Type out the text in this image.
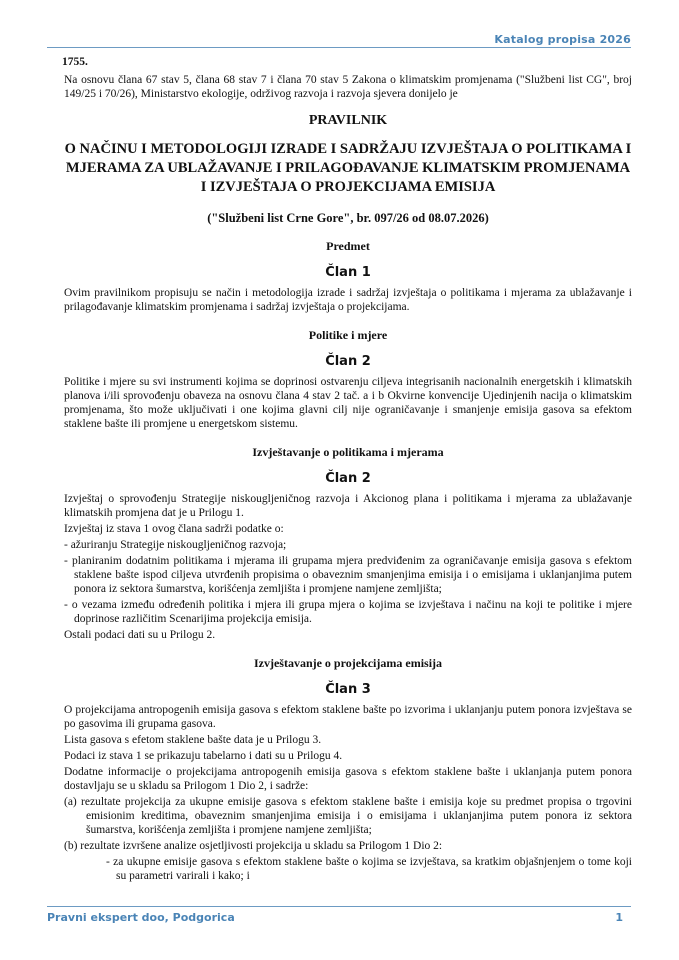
Katalog propisa 2026
1755.

Na osnovu člana 67 stav 5, člana 68 stav 7 i člana 70 stav 5 Zakona o klimatskim promjenama ("Službeni list CG", broj 149/25 i 70/26), Ministarstvo ekologije, održivog razvoja i razvoja sjevera donijelo je

PRAVILNIK
O NAČINU I METODOLOGIJI IZRADE I SADRŽAJU IZVJEŠTAJA O POLITIKAMA I MJERAMA ZA UBLAŽAVANJE I PRILAGOĐAVANJE KLIMATSKIM PROMJENAMA I IZVJEŠTAJA O PROJEKCIJAMA EMISIJA
("Službeni list Crne Gore", br. 097/26 od 08.07.2026)
Predmet
Član 1

Ovim pravilnikom propisuju se način i metodologija izrade i sadržaj izvještaja o politikama i mjerama za ublažavanje i prilagođavanje klimatskim promjenama i sadržaj izvještaja o projekcijama.

Politike i mjere
Član 2

Politike i mjere su svi instrumenti kojima se doprinosi ostvarenju ciljeva integrisanih nacionalnih energetskih i klimatskih planova i/ili sprovođenju obaveza na osnovu člana 4 stav 2 tač. a i b Okvirne konvencije Ujedinjenih nacija o klimatskim promjenama, što može uključivati i one kojima glavni cilj nije ograničavanje i smanjenje emisija gasova sa efektom staklene bašte ili promjene u energetskom sistemu.

Izvještavanje o politikama i mjerama
Član 2

Izvještaj o sprovođenju Strategije niskougljeničnog razvoja i Akcionog plana i politikama i mjerama za ublažavanje klimatskih promjena dat je u Prilogu 1.

Izvještaj iz stava 1 ovog člana sadrži podatke o:

- ažuriranju Strategije niskougljeničnog razvoja;

- planiranim dodatnim politikama i mjerama ili grupama mjera predviđenim za ograničavanje emisija gasova s efektom staklene bašte ispod ciljeva utvrđenih propisima o obaveznim smanjenjima emisija i o emisijama i uklanjanjima putem ponora iz sektora šumarstva, korišćenja zemljišta i promjene namjene zemljišta;

- o vezama između određenih politika i mjera ili grupa mjera o kojima se izvještava i načinu na koji te politike i mjere doprinose različitim Scenarijima projekcija emisija.

Ostali podaci dati su u Prilogu 2.

Izvještavanje o projekcijama emisija
Član 3

O projekcijama antropogenih emisija gasova s efektom staklene bašte po izvorima i uklanjanju putem ponora izvještava se po gasovima ili grupama gasova.

Lista gasova s efetom staklene bašte data je u Prilogu 3.

Podaci iz stava 1 se prikazuju tabelarno i dati su u Prilogu 4.

Dodatne informacije o projekcijama antropogenih emisija gasova s efektom staklene bašte i uklanjanja putem ponora dostavljaju se u skladu sa Prilogom 1 Dio 2, i sadrže:

(a) rezultate projekcija za ukupne emisije gasova s efektom staklene bašte i emisija koje su predmet propisa o trgovini emisionim kreditima, obaveznim smanjenjima emisija i o emisijama i uklanjanjima putem ponora iz sektora šumarstva, korišćenja zemljišta i promjene namjene zemljišta;

(b) rezultate izvršene analize osjetljivosti projekcija u skladu sa Prilogom 1 Dio 2:

- za ukupne emisije gasova s efektom staklene bašte o kojima se izvještava, sa kratkim objašnjenjem o tome koji su parametri varirali i kako; i

Pravni ekspert doo, Podgorica	1
